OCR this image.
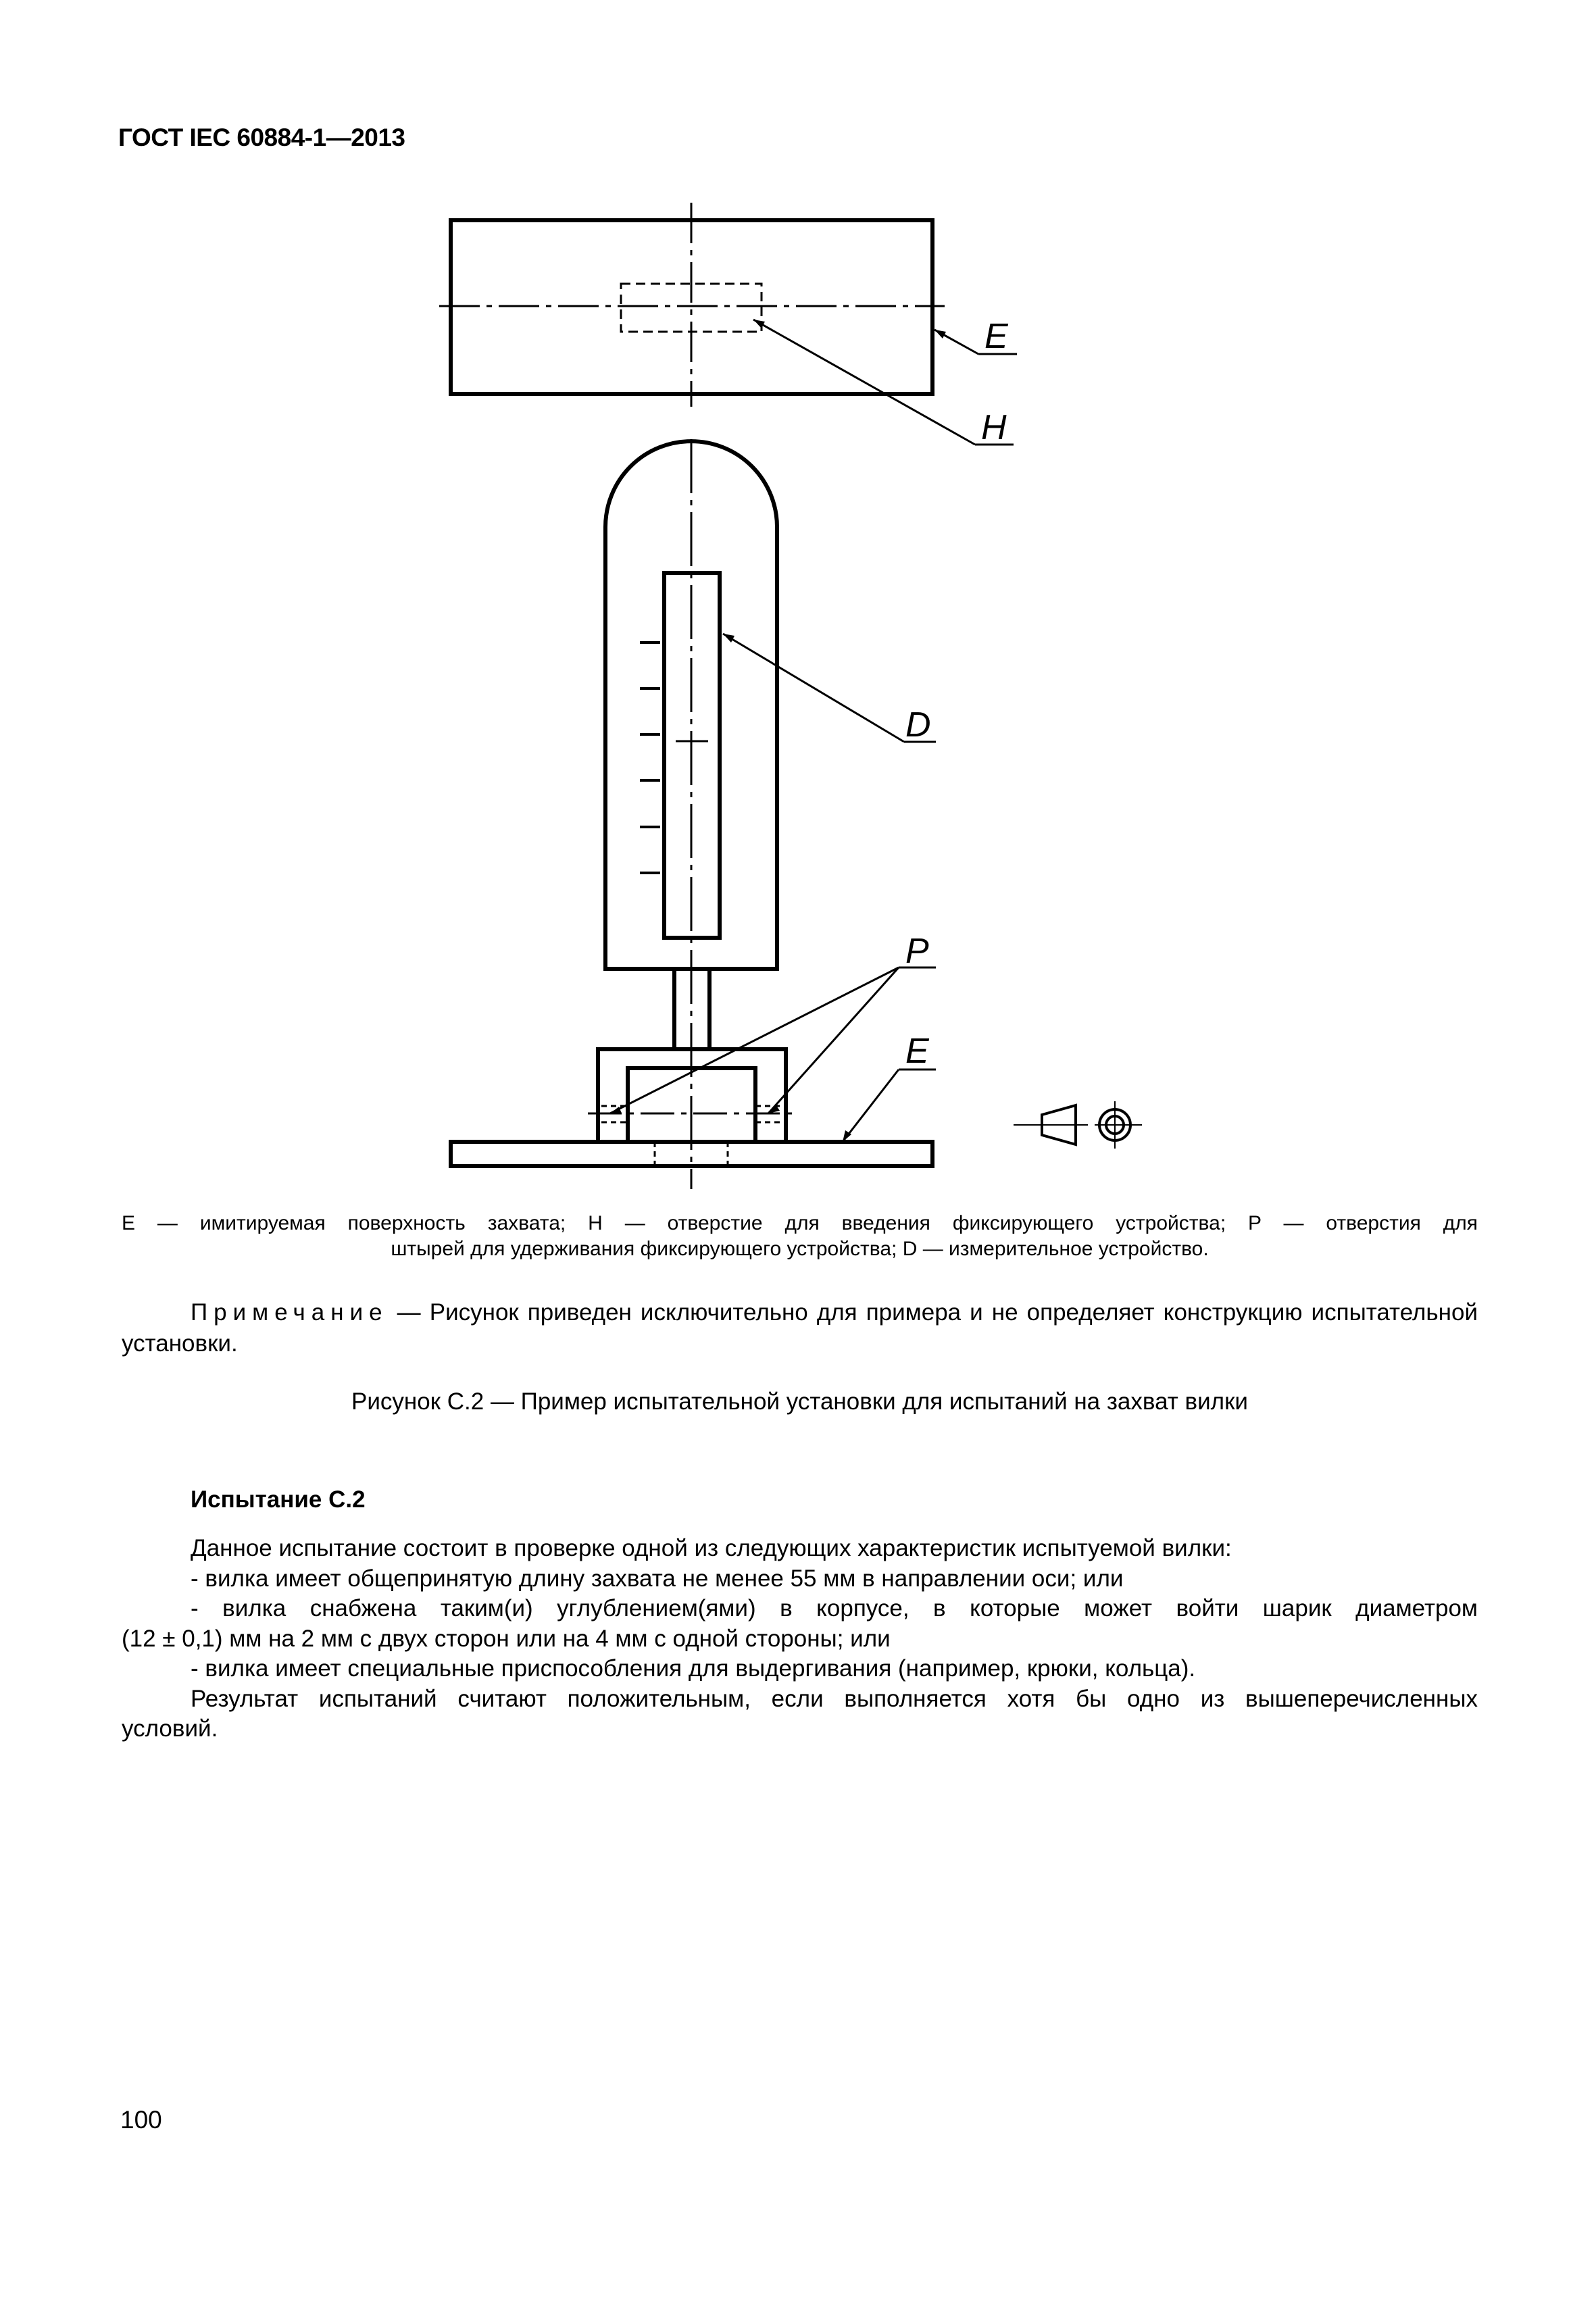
ГОСТ IEC 60884-1—2013
E
H
D
P
E
E — имитируемая поверхность захвата; H — отверстие для введения фиксирующего устройства; P — отверстия для
штырей для удерживания фиксирующего устройства; D — измерительное устройство.
Примечание — Рисунок приведен исключительно для примера и не определяет конструкцию испытательной установки.
Рисунок С.2 — Пример испытательной установки для испытаний на захват вилки
Испытание С.2

Данное испытание состоит в проверке одной из следующих характеристик испытуемой вилки:

- вилка имеет общепринятую длину захвата не менее 55 мм в направлении оси; или

- вилка снабжена таким(и) углублением(ями) в корпусе, в которые может войти шарик диаметром

(12 ± 0,1) мм на 2 мм с двух сторон или на 4 мм с одной стороны; или

- вилка имеет специальные приспособления для выдергивания (например, крюки, кольца).

Результат испытаний считают положительным, если выполняется хотя бы одно из вышеперечисленных

условий.

100
